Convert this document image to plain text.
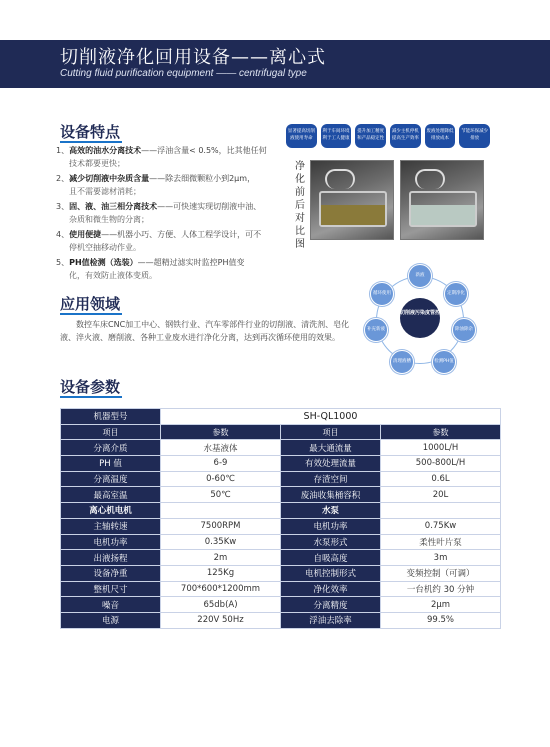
切削液净化回用设备——离心式
Cutting fluid purification equipment —— centrifugal type
设备特点
1、高效的油水分离技术——浮油含量< 0.5%，比其他任何
技术都要更快；
2、减少切削液中杂质含量——除去细微颗粒小到2μm，
且不需要滤材消耗；
3、固、液、油三相分离技术——可快速实现切削液中油、
杂质和微生物的分离；
4、使用便捷——机器小巧、方便、人体工程学设计，可不
停机空抽移动作业。
5、PH值检测（选装）——超精过滤实时监控PH值变
化，有效防止液体变质。
显著提高切削液使用寿命
利于车间环境利于工人健康
提升加工精度和产品稳定性
减少主机停机提高生产效率
废液处理降低排放成本
节能环保减少排放
净化前后对比图
切削液污染度管控
新液
定期净化
除油除杂
检测PH值
清理液槽
补充新液
循环使用
应用领域
数控车床CNC加工中心、钢铁行业、汽车零部件行业的切削液、清洗剂、皂化液、淬火液、磨削液、各种工业废水进行净化分离，达到再次循环使用的效果。
设备参数
机器型号	SH-QL1000		
项目	参数	项目	参数
分离介质	水基液体	最大通流量	1000L/H
PH 值	6-9	有效处理流量	500-800L/H
分离温度	0-60℃	存渣空间	0.6L
最高室温	50℃	废油收集桶容积	20L
离心机电机		水泵	
主轴转速	7500RPM	电机功率	0.75Kw
电机功率	0.35Kw	水泵形式	柔性叶片泵
出液扬程	2m	自吸高度	3m
设备净重	125Kg	电机控制形式	变频控制（可调）
整机尺寸	700*600*1200mm	净化效率	一台机约 30 分钟
噪音	65db(A)	分离精度	2μm
电源	220V 50Hz	浮油去除率	99.5%
